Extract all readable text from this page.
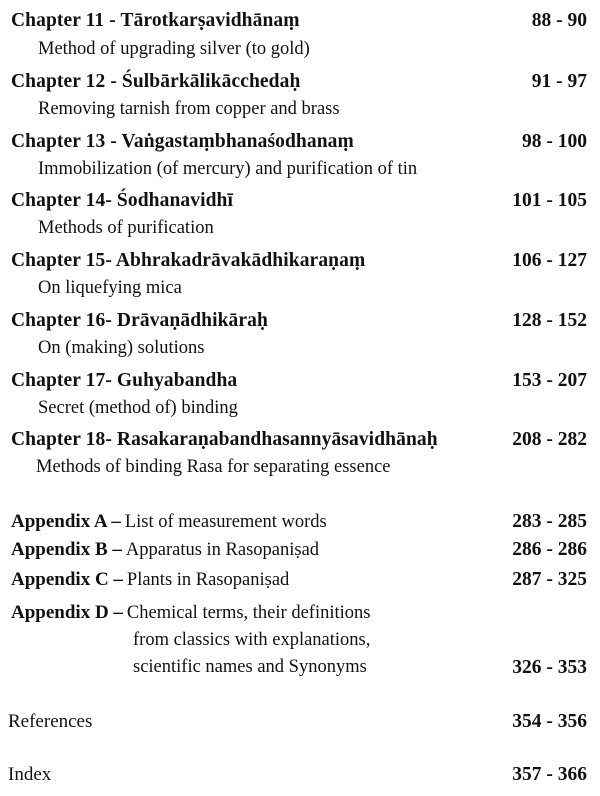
Chapter 11 - Tārotkarṣavidhānaṃ	88 - 90
Method of upgrading silver (to gold)
Chapter 12 - Śulbārkālikācchedaḥ	91 - 97
Removing tarnish from copper and brass
Chapter 13 - Vaṅgastaṃbhanaśodhanaṃ	98 - 100
Immobilization (of mercury) and purification of tin
Chapter 14- Śodhanavidhī	101 - 105
Methods of purification
Chapter 15- Abhrakadrāvakādhikaraṇaṃ	106 - 127
On liquefying mica
Chapter 16- Drāvaṇādhikāraḥ	128 - 152
On (making) solutions
Chapter 17- Guhyabandha	153 - 207
Secret (method of) binding
Chapter 18- Rasakaraṇabandhasannyāsavidhānaḥ	208 - 282
Methods of binding Rasa for separating essence
Appendix A – List of measurement words	283 - 285
Appendix B – Apparatus in Rasopaniṣad	286 - 286
Appendix C – Plants in Rasopaniṣad	287 - 325
Appendix D – Chemical terms, their definitions
from classics with explanations,
scientific names and Synonyms	326 - 353
References	354 - 356
Index	357 - 366
